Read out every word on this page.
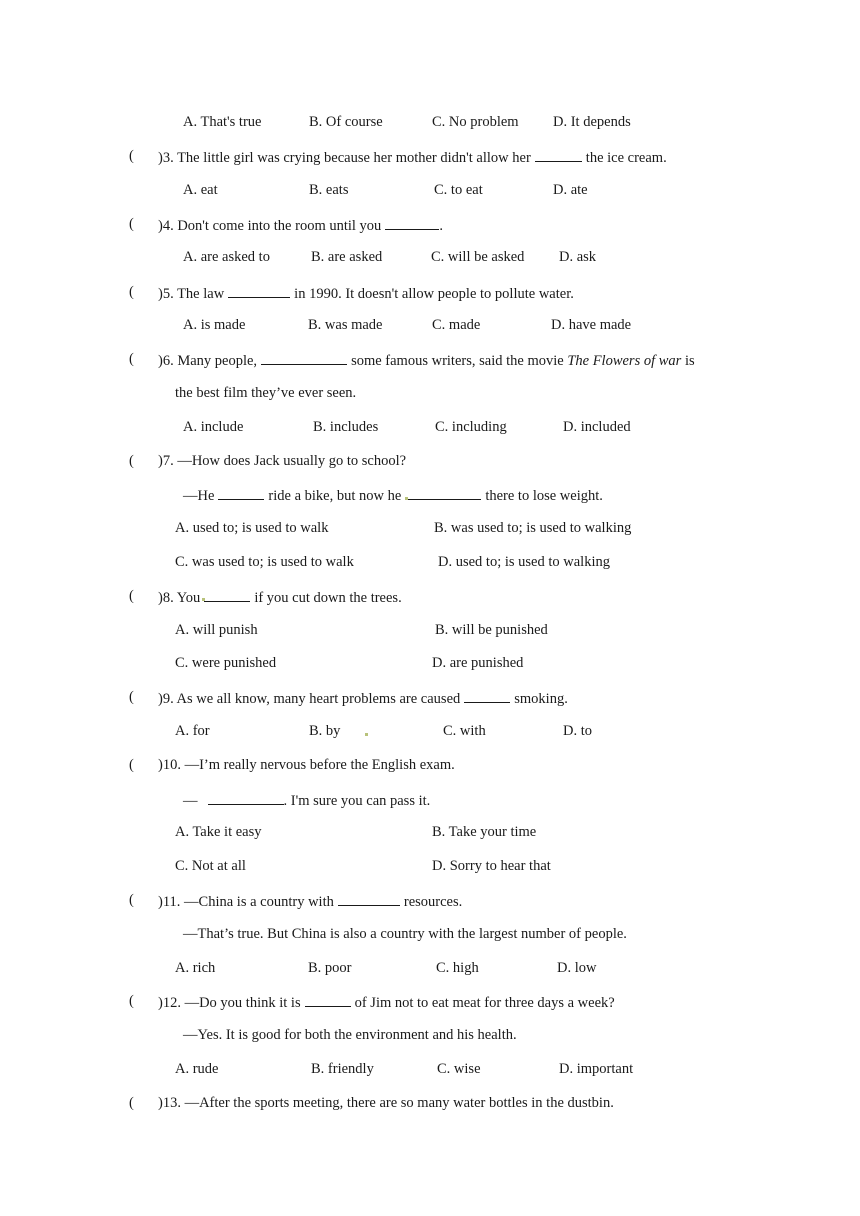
A. That's true	B. Of course	C. No problem D. It depends
( )3. The little girl was crying because her mother didn't allow her	the ice cream.
A. eat	B. eats	C. to eat	D. ate
( )4. Don't come into the room until you	.
A. are asked to	B. are asked	C. will be asked D. ask
( )5. The law	in 1990. It doesn't allow people to pollute water.
A. is made	B. was made	C. made	D. have made
( )6. Many people,	some famous writers, said the movie The Flowers of war is
the best film they’ve ever seen.
A. include	B. includes	C. including	D. included
( )7. —How does Jack usually go to school?
—He	ride a bike, but now he	there to lose weight.
A. used to; is used to walk	B. was used to; is used to walking
C. was used to; is used to walk	D. used to; is used to walking
( )8. You	if you cut down the trees.
A. will punish	B. will be punished
C. were punished	D. are punished
( )9. As we all know, many heart problems are caused	smoking.
A. for	B. by	C. with	D. to
( )10. —I’m really nervous before the English exam.
—	. I'm sure you can pass it.
A. Take it easy	B. Take your time
C. Not at all	D. Sorry to hear that
( )11. —China is a country with	resources.
—That’s true. But China is also a country with the largest number of people.
A. rich	B. poor	C. high	D. low
( )12. —Do you think it is	of Jim not to eat meat for three days a week?
—Yes. It is good for both the environment and his health.
A. rude	B. friendly	C. wise	D. important
( )13. —After the sports meeting, there are so many water bottles in the dustbin.
